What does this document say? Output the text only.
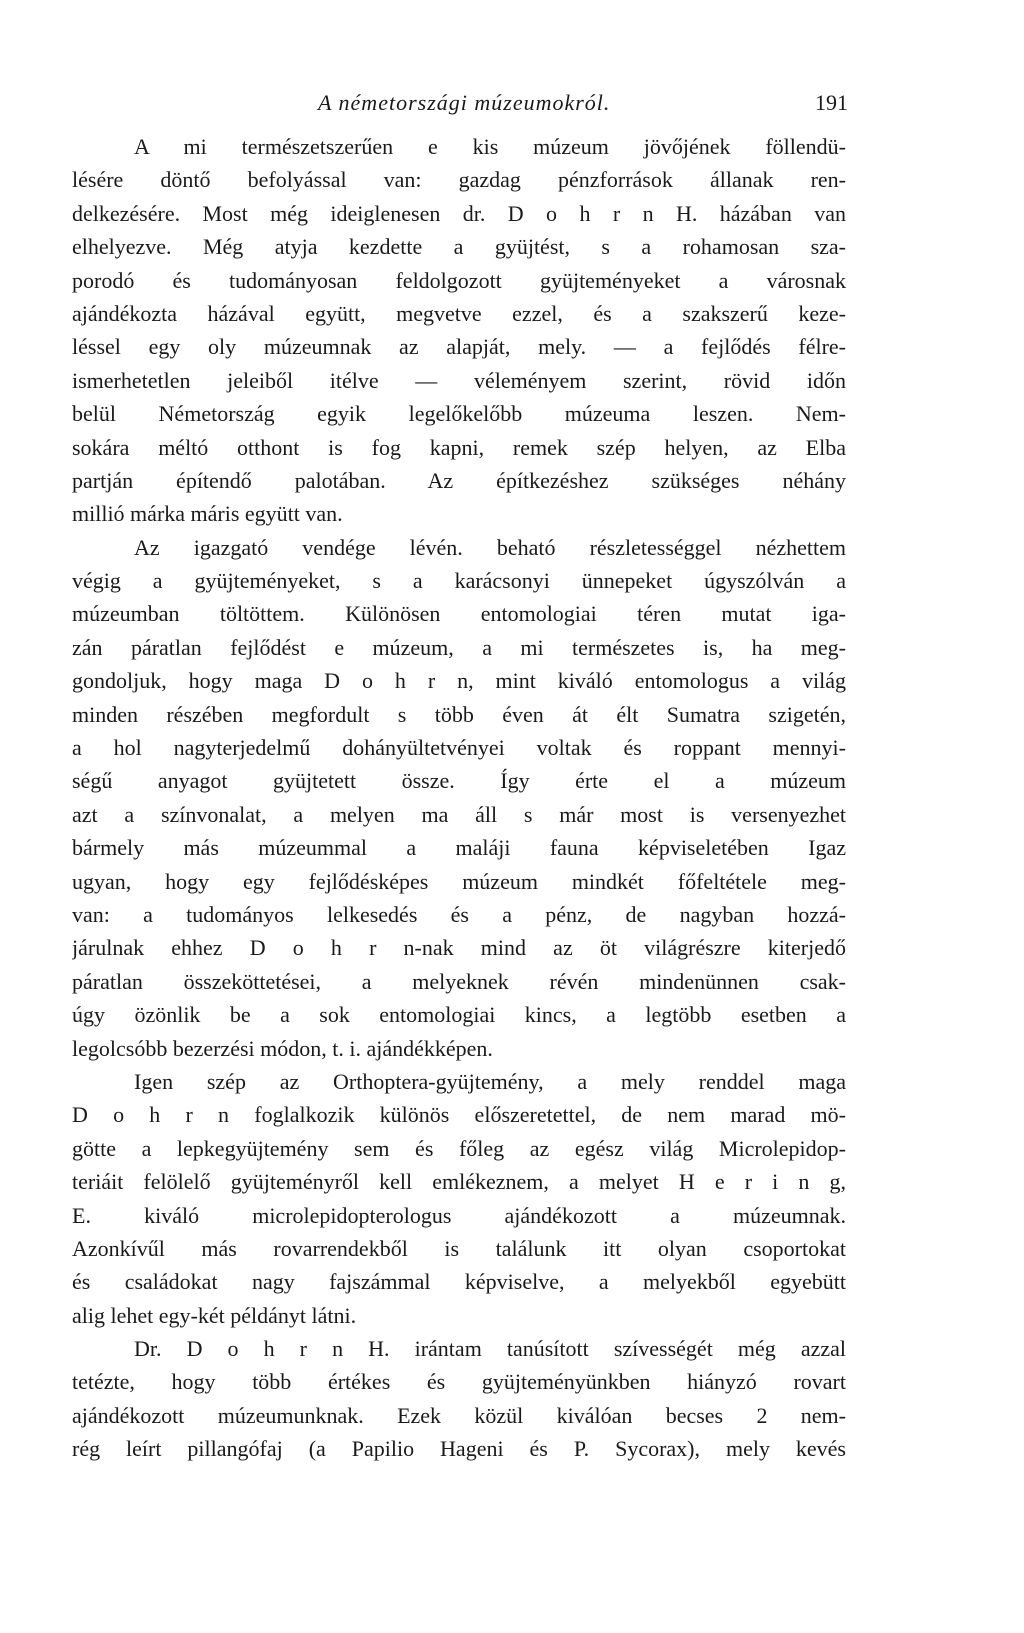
A németországi múzeumokról.	191
A mi természetszerűen e kis múzeum jövőjének föllendü-
lésére döntő befolyással van: gazdag pénzforrások állanak ren-
delkezésére. Most még ideiglenesen dr. D o h r n H. házában van
elhelyezve. Még atyja kezdette a gyüjtést, s a rohamosan sza-
porodó és tudományosan feldolgozott gyüjteményeket a városnak
ajándékozta házával együtt, megvetve ezzel, és a szakszerű keze-
léssel egy oly múzeumnak az alapját, mely. — a fejlődés félre-
ismerhetetlen jeleiből itélve — véleményem szerint, rövid időn
belül Németország egyik legelőkelőbb múzeuma leszen. Nem-
sokára méltó otthont is fog kapni, remek szép helyen, az Elba
partján építendő palotában. Az építkezéshez szükséges néhány
millió márka máris együtt van.
Az igazgató vendége lévén. beható részletességgel nézhettem
végig a gyüjteményeket, s a karácsonyi ünnepeket úgyszólván a
múzeumban töltöttem. Különösen entomologiai téren mutat iga-
zán páratlan fejlődést e múzeum, a mi természetes is, ha meg-
gondoljuk, hogy maga D o h r n, mint kiváló entomologus a világ
minden részében megfordult s több éven át élt Sumatra szigetén,
a hol nagyterjedelmű dohányültetvényei voltak és roppant mennyi-
ségű anyagot gyüjtetett össze. Így érte el a múzeum
azt a színvonalat, a melyen ma áll s már most is versenyezhet
bármely más múzeummal a maláji fauna képviseletében Igaz
ugyan, hogy egy fejlődésképes múzeum mindkét főfeltétele meg-
van: a tudományos lelkesedés és a pénz, de nagyban hozzá-
járulnak ehhez D o h r n-nak mind az öt világrészre kiterjedő
páratlan összeköttetései, a melyeknek révén mindenünnen csak-
úgy özönlik be a sok entomologiai kincs, a legtöbb esetben a
legolcsóbb bezerzési módon, t. i. ajándékképen.
Igen szép az Orthoptera-gyüjtemény, a mely renddel maga
D o h r n foglalkozik különös előszeretettel, de nem marad mö-
götte a lepkegyüjtemény sem és főleg az egész világ Microlepidop-
teriáit felölelő gyüjteményről kell emlékeznem, a melyet H e r i n g,
E. kiváló microlepidopterologus ajándékozott a múzeumnak.
Azonkívűl más rovarrendekből is találunk itt olyan csoportokat
és családokat nagy fajszámmal képviselve, a melyekből egyebütt
alig lehet egy-két példányt látni.
Dr. D o h r n H. irántam tanúsított szívességét még azzal
tetézte, hogy több értékes és gyüjteményünkben hiányzó rovart
ajándékozott múzeumunknak. Ezek közül kiválóan becses 2 nem-
rég leírt pillangófaj (a Papilio Hageni és P. Sycorax), mely kevés
